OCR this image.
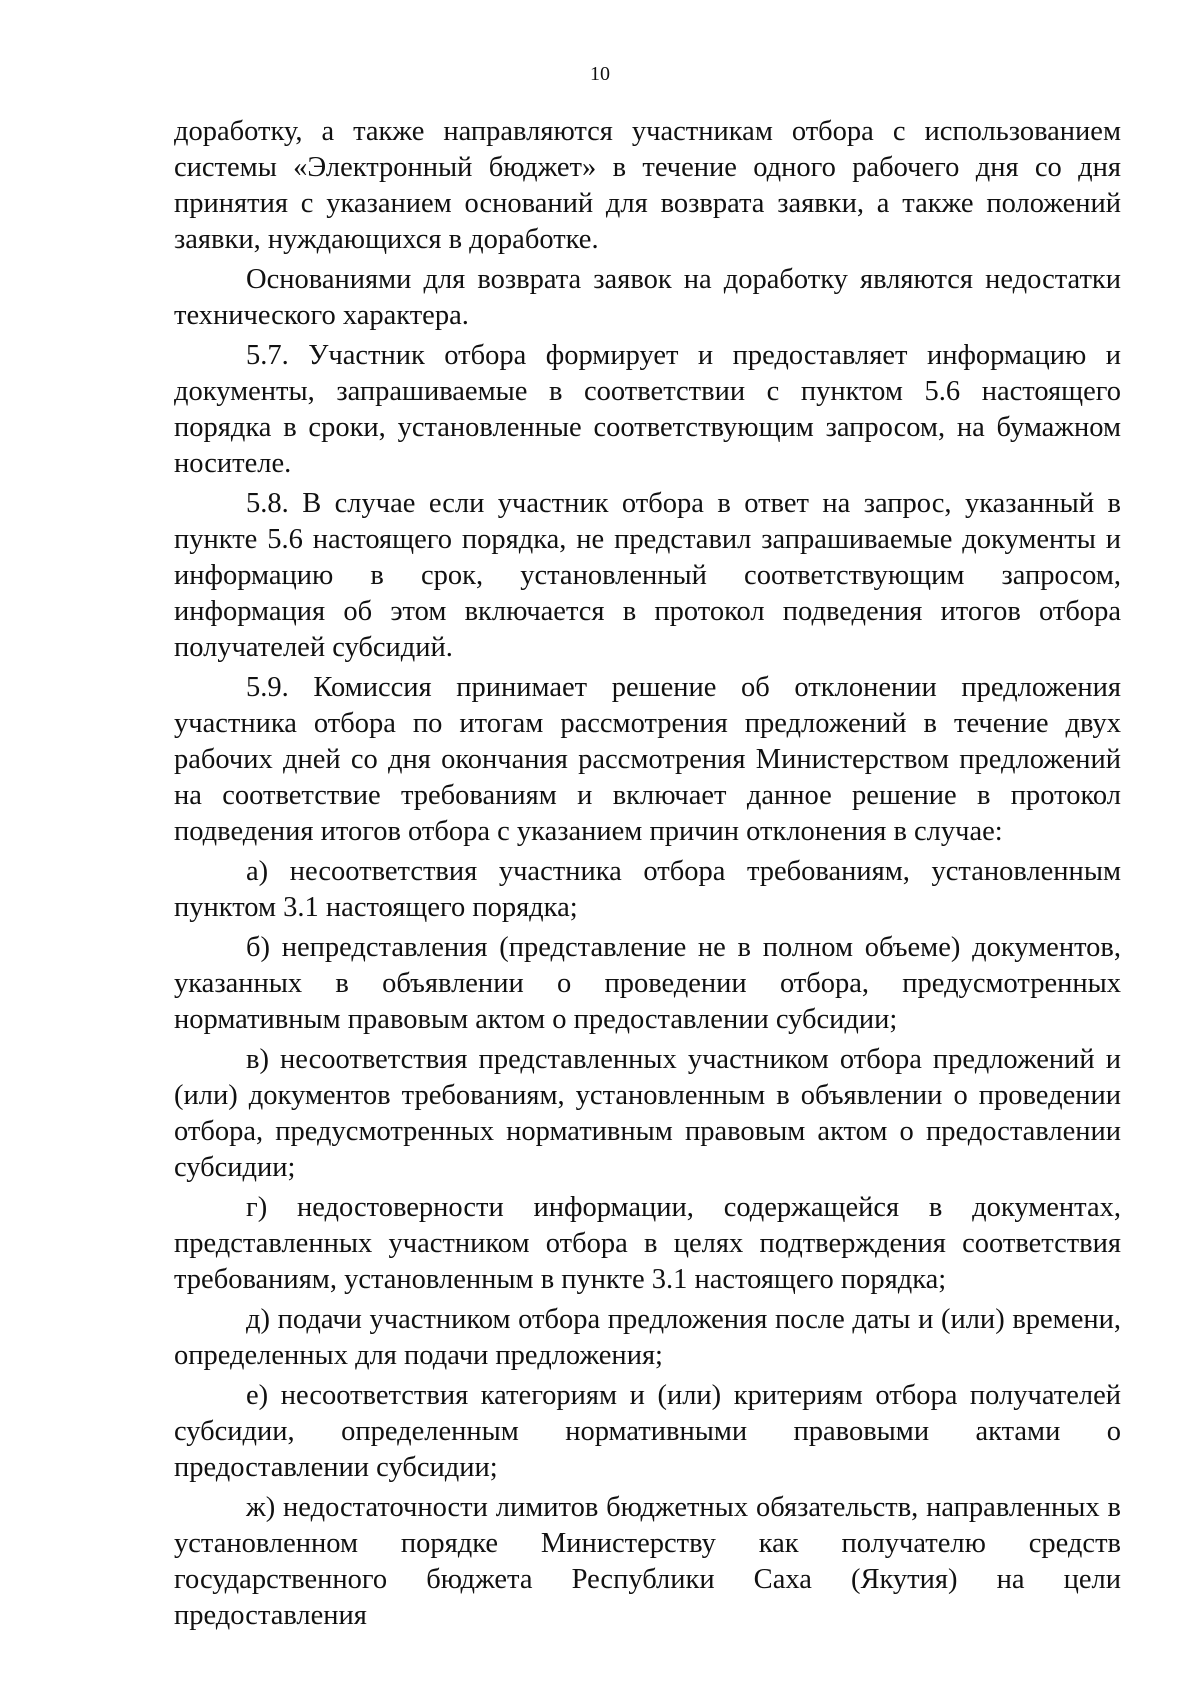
10

доработку, а также направляются участникам отбора с использованием системы «Электронный бюджет» в течение одного рабочего дня со дня принятия с указанием оснований для возврата заявки, а также положений заявки, нуждающихся в доработке.

Основаниями для возврата заявок на доработку являются недостатки технического характера.

5.7. Участник отбора формирует и предоставляет информацию и документы, запрашиваемые в соответствии с пунктом 5.6 настоящего порядка в сроки, установленные соответствующим запросом, на бумажном носителе.

5.8. В случае если участник отбора в ответ на запрос, указанный в пункте 5.6 настоящего порядка, не представил запрашиваемые документы и информацию в срок, установленный соответствующим запросом, информация об этом включается в протокол подведения итогов отбора получателей субсидий.

5.9. Комиссия принимает решение об отклонении предложения участника отбора по итогам рассмотрения предложений в течение двух рабочих дней со дня окончания рассмотрения Министерством предложений на соответствие требованиям и включает данное решение в протокол подведения итогов отбора с указанием причин отклонения в случае:

а) несоответствия участника отбора требованиям, установленным пунктом 3.1 настоящего порядка;

б) непредставления (представление не в полном объеме) документов, указанных в объявлении о проведении отбора, предусмотренных нормативным правовым актом о предоставлении субсидии;

в) несоответствия представленных участником отбора предложений и (или) документов требованиям, установленным в объявлении о проведении отбора, предусмотренных нормативным правовым актом о предоставлении субсидии;

г) недостоверности информации, содержащейся в документах, представленных участником отбора в целях подтверждения соответствия требованиям, установленным в пункте 3.1 настоящего порядка;

д) подачи участником отбора предложения после даты и (или) времени, определенных для подачи предложения;

е) несоответствия категориям и (или) критериям отбора получателей субсидии, определенным нормативными правовыми актами о предоставлении субсидии;

ж) недостаточности лимитов бюджетных обязательств, направленных в установленном порядке Министерству как получателю средств государственного бюджета Республики Саха (Якутия) на цели предоставления
